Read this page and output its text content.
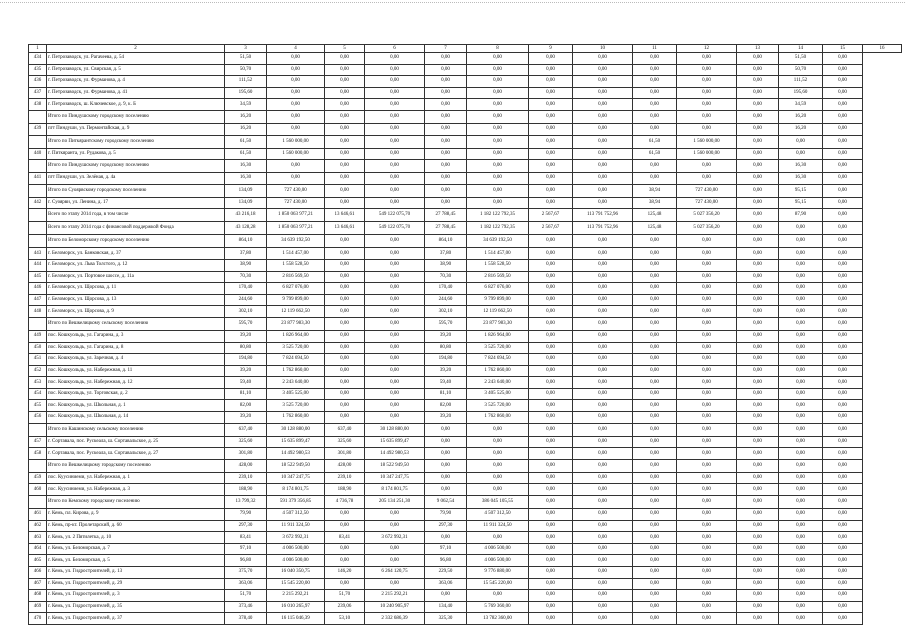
1	2	3	4	5	6	7	8	9	10	11	12	13	14	15	16
434	г. Петрозаводск, ул. Рагачеева, д. 54	51,50	0,00	0,00	0,00	0,00	0,00	0,00	0,00	0,00	0,00	0,00	51,50	0,00	
435	г. Петрозаводск, ул. Свирская, д. 5	50,70	0,00	0,00	0,00	0,00	0,00	0,00	0,00	0,00	0,00	0,00	50,70	0,00	
436	г. Петрозаводск, ул. Фурманова, д. 4	111,52	0,00	0,00	0,00	0,00	0,00	0,00	0,00	0,00	0,00	0,00	111,52	0,00	
437	г. Петрозаводск, ул. Фурманова, д. 41	195,60	0,00	0,00	0,00	0,00	0,00	0,00	0,00	0,00	0,00	0,00	195,60	0,00	
438	г. Петрозаводск, ш. Ключевское, д. 9, к. Б	34,59	0,00	0,00	0,00	0,00	0,00	0,00	0,00	0,00	0,00	0,00	34,59	0,00	
	Итого по Пиндушскому городскому поселению	16,20	0,00	0,00	0,00	0,00	0,00	0,00	0,00	0,00	0,00	0,00	16,20	0,00	
439	пгт Пиндуши, ул. Пермонтайская, д. 9	16,20	0,00	0,00	0,00	0,00	0,00	0,00	0,00	0,00	0,00	0,00	16,20	0,00	
	Итого по Питкярантскому городскому поселению	61,50	1 560 000,00	0,00	0,00	0,00	0,00	0,00	0,00	61,50	1 560 000,00	0,00	0,00	0,00	
440	г. Питкяранта, ул. Рудакова, д. 5	61,50	1 560 000,00	0,00	0,00	0,00	0,00	0,00	0,00	61,50	1 560 000,00	0,00	0,00	0,00	
	Итого по Пиндушскому городскому поселению	16,30	0,00	0,00	0,00	0,00	0,00	0,00	0,00	0,00	0,00	0,00	16,30	0,00	
441	пгт Пиндуши, ул. Зелёная, д. 4а	16,30	0,00	0,00	0,00	0,00	0,00	0,00	0,00	0,00	0,00	0,00	16,30	0,00	
	Итого по Суоярвскому городскому поселению	134,09	727 430,00	0,00	0,00	0,00	0,00	0,00	0,00	38,94	727 430,00	0,00	95,15	0,00	
442	г. Суоярви, ул. Ленина, д. 17	134,09	727 430,00	0,00	0,00	0,00	0,00	0,00	0,00	38,94	727 430,00	0,00	95,15	0,00	
	Всего по этапу 2014 года, в том числе	43 216,18	1 850 063 977,21	13 646,61	549 122 075,70	27 788,45	1 182 122 792,35	2 567,67	113 791 752,96	125,48	5 027 356,20	0,00	87,90	0,00	
	Всего по этапу 2014 года с финансовой поддержкой Фонда	43 128,28	1 850 063 977,21	13 646,61	549 122 075,70	27 788,45	1 182 122 792,35	2 567,67	113 791 752,96	125,48	5 027 356,20	0,00	0,00	0,00	
	Итого по Беломорскому городскому поселению	864,10	34 639 192,50	0,00	0,00	864,10	34 639 192,50	0,00	0,00	0,00	0,00	0,00	0,00	0,00	
443	г. Беломорск, ул. Банковская, д. 37	37,80	1 514 457,00	0,00	0,00	37,80	1 514 457,00	0,00	0,00	0,00	0,00	0,00	0,00	0,00	
444	г. Беломорск, ул. Льва Толстого, д. 12	38,90	1 558 528,50	0,00	0,00	38,90	1 558 528,50	0,00	0,00	0,00	0,00	0,00	0,00	0,00	
445	г. Беломорск, ул. Портовое шоссе, д. 11а	70,30	2 816 569,50	0,00	0,00	70,30	2 816 569,50	0,00	0,00	0,00	0,00	0,00	0,00	0,00	
446	г. Беломорск, ул. Щорсова, д. 11	170,40	6 827 076,00	0,00	0,00	170,40	6 827 076,00	0,00	0,00	0,00	0,00	0,00	0,00	0,00	
447	г. Беломорск, ул. Щорсова, д. 13	244,60	9 799 899,00	0,00	0,00	244,60	9 799 899,00	0,00	0,00	0,00	0,00	0,00	0,00	0,00	
448	г. Беломорск, ул. Щорсова, д. 9	302,10	12 119 662,50	0,00	0,00	302,10	12 119 662,50	0,00	0,00	0,00	0,00	0,00	0,00	0,00	
	Итого по Вешкелицкому сельскому поселению	595,70	23 877 983,30	0,00	0,00	595,70	23 877 983,30	0,00	0,00	0,00	0,00	0,00	0,00	0,00	
449	пос. Кошкуольдь, ул. Гагарина, д. 3	39,20	1 826 964,00	0,00	0,00	39,20	1 826 964,00	0,00	0,00	0,00	0,00	0,00	0,00	0,00	
450	пос. Кошкуольдь, ул. Гагарина, д. 8	80,80	3 525 720,00	0,00	0,00	80,80	3 525 720,00	0,00	0,00	0,00	0,00	0,00	0,00	0,00	
451	пос. Кошкуольдь, ул. Заречная, д. 4	194,80	7 824 694,50	0,00	0,00	194,80	7 824 694,50	0,00	0,00	0,00	0,00	0,00	0,00	0,00	
452	пос. Кошкуольдь, ул. Набережная, д. 11	39,20	1 762 860,00	0,00	0,00	39,20	1 762 860,00	0,00	0,00	0,00	0,00	0,00	0,00	0,00	
453	пос. Кошкуольдь, ул. Набережная, д. 12	59,40	2 243 640,00	0,00	0,00	59,40	2 243 640,00	0,00	0,00	0,00	0,00	0,00	0,00	0,00	
454	пос. Кошкуольдь, ул. Торговская, д. 2	81,10	3 405 525,00	0,00	0,00	81,10	3 405 525,00	0,00	0,00	0,00	0,00	0,00	0,00	0,00	
455	пос. Кошкуольдь, ул. Школьная, д. 1	82,00	3 525 720,00	0,00	0,00	82,00	3 525 720,00	0,00	0,00	0,00	0,00	0,00	0,00	0,00	
456	пос. Кошкуольдь, ул. Школьная, д. 14	39,20	1 762 860,00	0,00	0,00	39,20	1 762 860,00	0,00	0,00	0,00	0,00	0,00	0,00	0,00	
	Итого по Кашинскому сельскому поселению	637,40	30 128 880,00	637,40	30 128 880,00	0,00	0,00	0,00	0,00	0,00	0,00	0,00	0,00	0,00	
457	г. Сортавала, пос. Рускеала, ш. Сортавальское, д. 25	325,60	15 635 899,47	325,60	15 635 899,47	0,00	0,00	0,00	0,00	0,00	0,00	0,00	0,00	0,00	
458	г. Сортавала, пос. Рускеала, ш. Сортавальское, д. 27	301,80	14 492 980,53	301,80	14 492 980,53	0,00	0,00	0,00	0,00	0,00	0,00	0,00	0,00	0,00	
	Итого по Вешкелицкому городскому поселению	428,00	18 522 949,50	428,00	18 522 949,50	0,00	0,00	0,00	0,00	0,00	0,00	0,00	0,00	0,00	
459	пос. Куусиниеми, ул. Набережная, д. 1	239,10	10 347 247,75	239,10	10 347 247,75	0,00	0,00	0,00	0,00	0,00	0,00	0,00	0,00	0,00	
460	пос. Куусиниеми, ул. Набережная, д. 3	188,90	8 174 801,75	188,90	8 174 801,75	0,00	0,00	0,00	0,00	0,00	0,00	0,00	0,00	0,00	
	Итого по Кемскому городскому поселению	13 799,32	591 379 356,85	4 736,78	205 134 251,30	9 062,54	386 045 105,55	0,00	0,00	0,00	0,00	0,00	0,00	0,00	
461	г. Кемь, пл. Кирова, д. 9	79,90	4 507 312,50	0,00	0,00	79,90	4 507 312,50	0,00	0,00	0,00	0,00	0,00	0,00	0,00	
462	г. Кемь, пр-кт. Пролетарский, д. 60	297,30	11 911 324,50	0,00	0,00	297,30	11 911 324,50	0,00	0,00	0,00	0,00	0,00	0,00	0,00	
463	г. Кемь, ул. 2 Пятилетка, д. 10	83,41	3 672 992,31	83,41	3 672 992,31	0,00	0,00	0,00	0,00	0,00	0,00	0,00	0,00	0,00	
464	г. Кемь, ул. Беломорская, д. 7	97,10	4 006 500,00	0,00	0,00	97,10	4 006 500,00	0,00	0,00	0,00	0,00	0,00	0,00	0,00	
465	г. Кемь, ул. Беломорская, д. 5	96,80	4 006 500,00	0,00	0,00	96,80	4 006 500,00	0,00	0,00	0,00	0,00	0,00	0,00	0,00	
466	г. Кемь, ул. Гидростроителей, д. 13	375,70	16 040 350,75	146,20	6 264 120,75	229,50	9 776 880,00	0,00	0,00	0,00	0,00	0,00	0,00	0,00	
467	г. Кемь, ул. Гидростроителей, д. 29	363,06	15 545 220,00	0,00	0,00	363,06	15 545 220,00	0,00	0,00	0,00	0,00	0,00	0,00	0,00	
468	г. Кемь, ул. Гидростроителей, д. 3	51,70	2 215 292,21	51,70	2 215 292,21	0,00	0,00	0,00	0,00	0,00	0,00	0,00	0,00	0,00	
469	г. Кемь, ул. Гидростроителей, д. 35	373,46	16 010 265,97	239,06	10 240 905,97	134,40	5 769 360,00	0,00	0,00	0,00	0,00	0,00	0,00	0,00	
470	г. Кемь, ул. Гидростроителей, д. 37	378,40	16 115 046,39	53,10	2 332 686,39	325,30	13 782 360,00	0,00	0,00	0,00	0,00	0,00	0,00	0,00	
